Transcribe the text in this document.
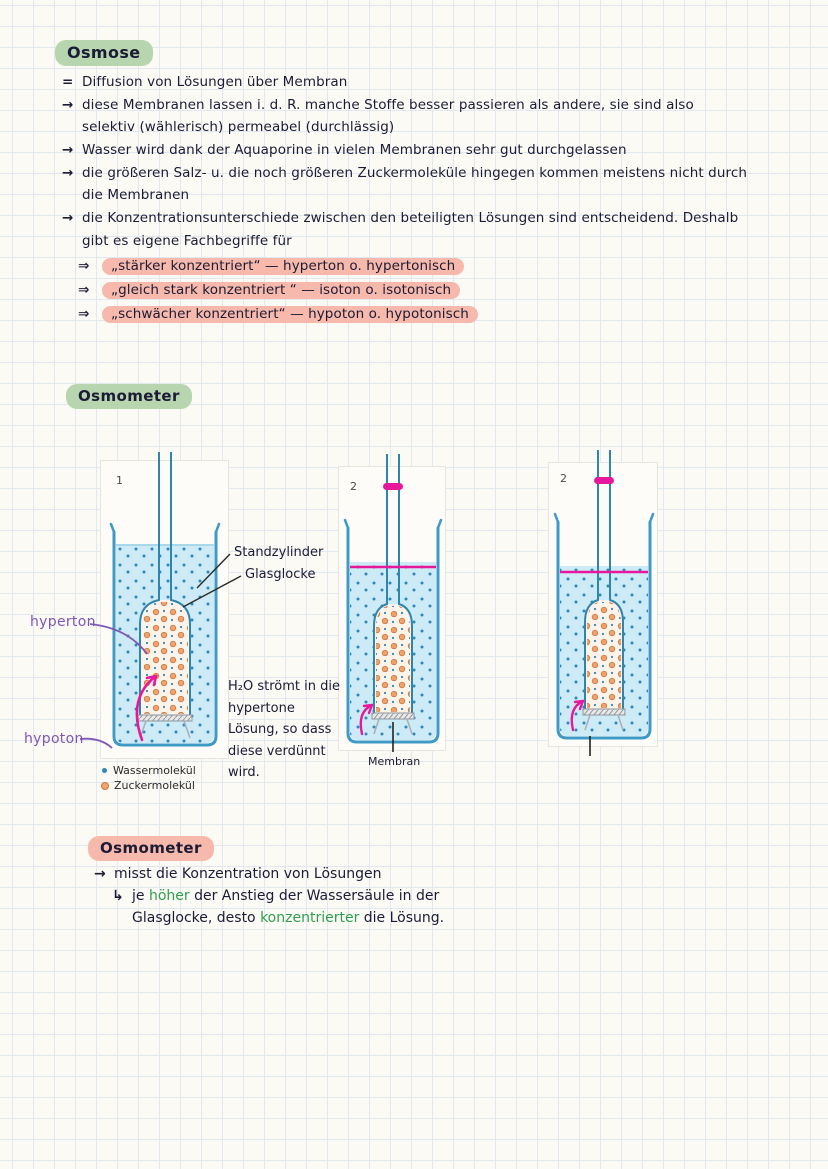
Osmose
= Diffusion von Lösungen über Membran
→ diese Membranen lassen i. d. R. manche Stoffe besser passieren als andere, sie sind also
selektiv (wählerisch) permeabel (durchlässig)
→ Wasser wird dank der Aquaporine in vielen Membranen sehr gut durchgelassen
→ die größeren Salz- u. die noch größeren Zuckermoleküle hingegen kommen meistens nicht durch
die Membranen
→ die Konzentrationsunterschiede zwischen den beteiligten Lösungen sind entscheidend. Deshalb
gibt es eigene Fachbegriffe für
⇒	„stärker konzentriert“ — hyperton o. hypertonisch
⇒	„gleich stark konzentriert “ — isoton o. isotonisch
⇒	„schwächer konzentriert“ — hypoton o. hypotonisch
Osmometer
1	2
2
Standzylinder
Glasglocke
hyperton
hypoton
Membran
H₂O strömt in die hypertone Lösung, so dass diese verdünnt wird.
Wassermolekül
Zuckermolekül
Osmometer
→ misst die Konzentration von Lösungen
↳ je höher der Anstieg der Wassersäule in der
Glasglocke, desto konzentrierter die Lösung.
